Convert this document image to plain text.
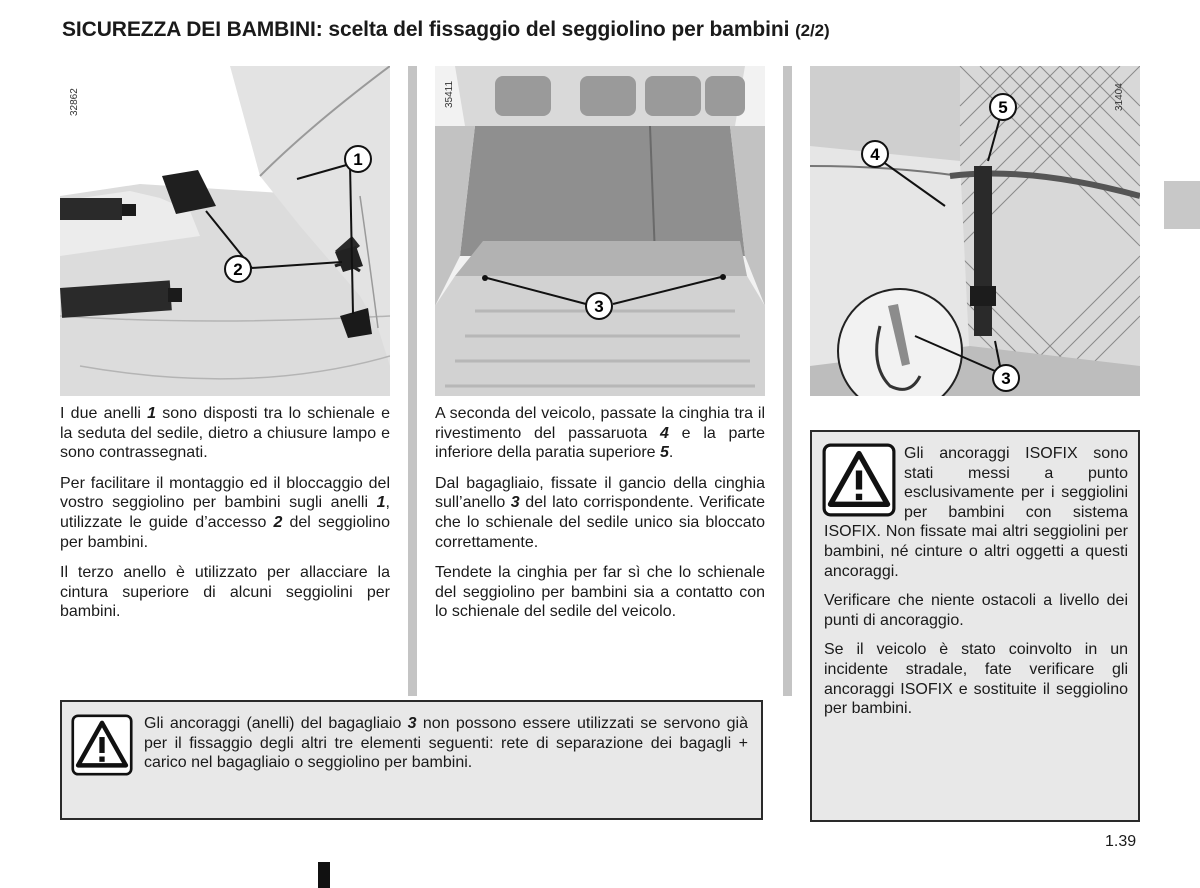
SICUREZZA DEI BAMBINI: scelta del fissaggio del seggiolino per bambini (2/2)
1
2
32862
3
35411
4
5
3
31404

I due anelli 1 sono disposti tra lo schienale e la seduta del sedile, dietro a chiusure lampo e sono contrassegnati.

Per facilitare il montaggio ed il bloccaggio del vostro seggiolino per bambini sugli anelli 1, utilizzate le guide d’accesso 2 del seggiolino per bambini.

Il terzo anello è utilizzato per allacciare la cintura superiore di alcuni seggiolini per bambini.

A seconda del veicolo, passate la cinghia tra il rivestimento del passaruota 4 e la parte inferiore della paratia superiore 5.

Dal bagagliaio, fissate il gancio della cinghia sull’anello 3 del lato corrispondente. Verificate che lo schienale del sedile unico sia bloccato correttamente.

Tendete la cinghia per far sì che lo schienale del seggiolino per bambini sia a contatto con lo schienale del sedile del veicolo.

Gli ancoraggi ISOFIX sono stati messi a punto esclusivamente per i seggiolini per bambini con sistema ISOFIX. Non fissate mai altri seggiolini per bambini, né cinture o altri oggetti a questi ancoraggi.

Verificare che niente ostacoli a livello dei punti di ancoraggio.

Se il veicolo è stato coinvolto in un incidente stradale, fate verificare gli ancoraggi ISOFIX e sostituite il seggiolino per bambini.

Gli ancoraggi (anelli) del bagagliaio 3 non possono essere utilizzati se servono già per il fissaggio degli altri tre elementi seguenti: rete di separazione dei bagagli + carico nel bagagliaio o seggiolino per bambini.
1.39
